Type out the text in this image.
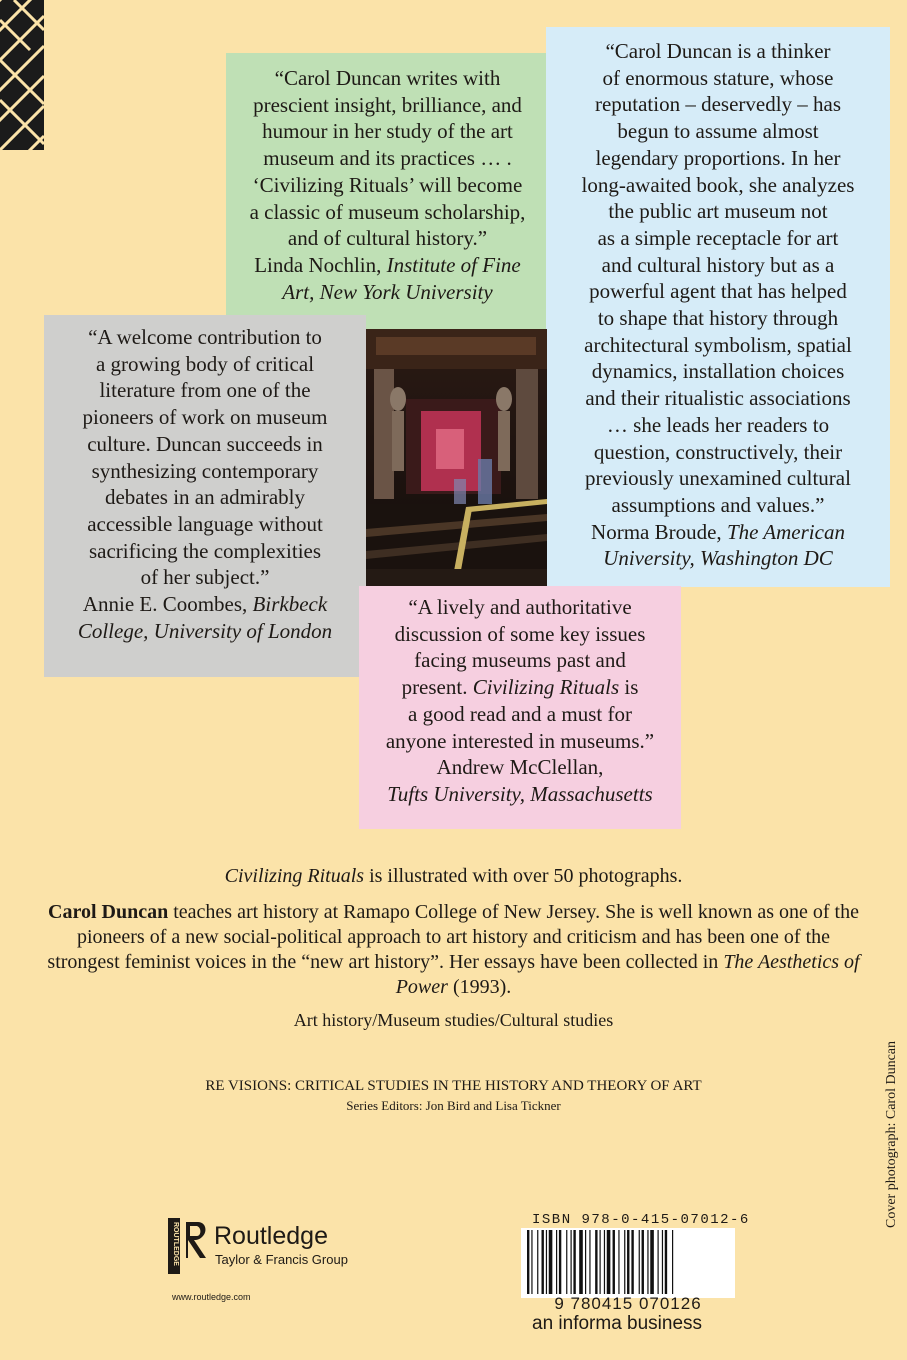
“Carol Duncan writes with

prescient insight, brilliance, and

humour in her study of the art

museum and its practices … .

‘Civilizing Rituals’ will become

a classic of museum scholarship,

and of cultural history.”

Linda Nochlin, Institute of Fine

Art, New York University

“Carol Duncan is a thinker

of enormous stature, whose

reputation – deservedly – has

begun to assume almost

legendary proportions. In her

long-awaited book, she analyzes

the public art museum not

as a simple receptacle for art

and cultural history but as a

powerful agent that has helped

to shape that history through

architectural symbolism, spatial

dynamics, installation choices

and their ritualistic associations

… she leads her readers to

question, constructively, their

previously unexamined cultural

assumptions and values.”

Norma Broude, The American

University, Washington DC

“A welcome contribution to

a growing body of critical

literature from one of the

pioneers of work on museum

culture. Duncan succeeds in

synthesizing contemporary

debates in an admirably

accessible language without

sacrificing the complexities

of her subject.”

Annie E. Coombes, Birkbeck

College, University of London

“A lively and authoritative

discussion of some key issues

facing museums past and

present. Civilizing Rituals is

a good read and a must for

anyone interested in museums.”

Andrew McClellan,

Tufts University, Massachusetts

Civilizing Rituals is illustrated with over 50 photographs.
Carol Duncan teaches art history at Ramapo College of New Jersey. She is well known as one of the pioneers of a new social-political approach to art history and criticism and has been one of the strongest feminist voices in the “new art history”. Her essays have been collected in The Aesthetics of Power (1993).
Art history/Museum studies/Cultural studies
RE VISIONS: CRITICAL STUDIES IN THE HISTORY AND THEORY OF ART
Series Editors: Jon Bird and Lisa Tickner	Cover photograph: Carol Duncan
ROUTLEDGE Routledge
Taylor & Francis Group
www.routledge.com
ISBN 978-0-415-07012-6
9 780415 070126
an informa business
